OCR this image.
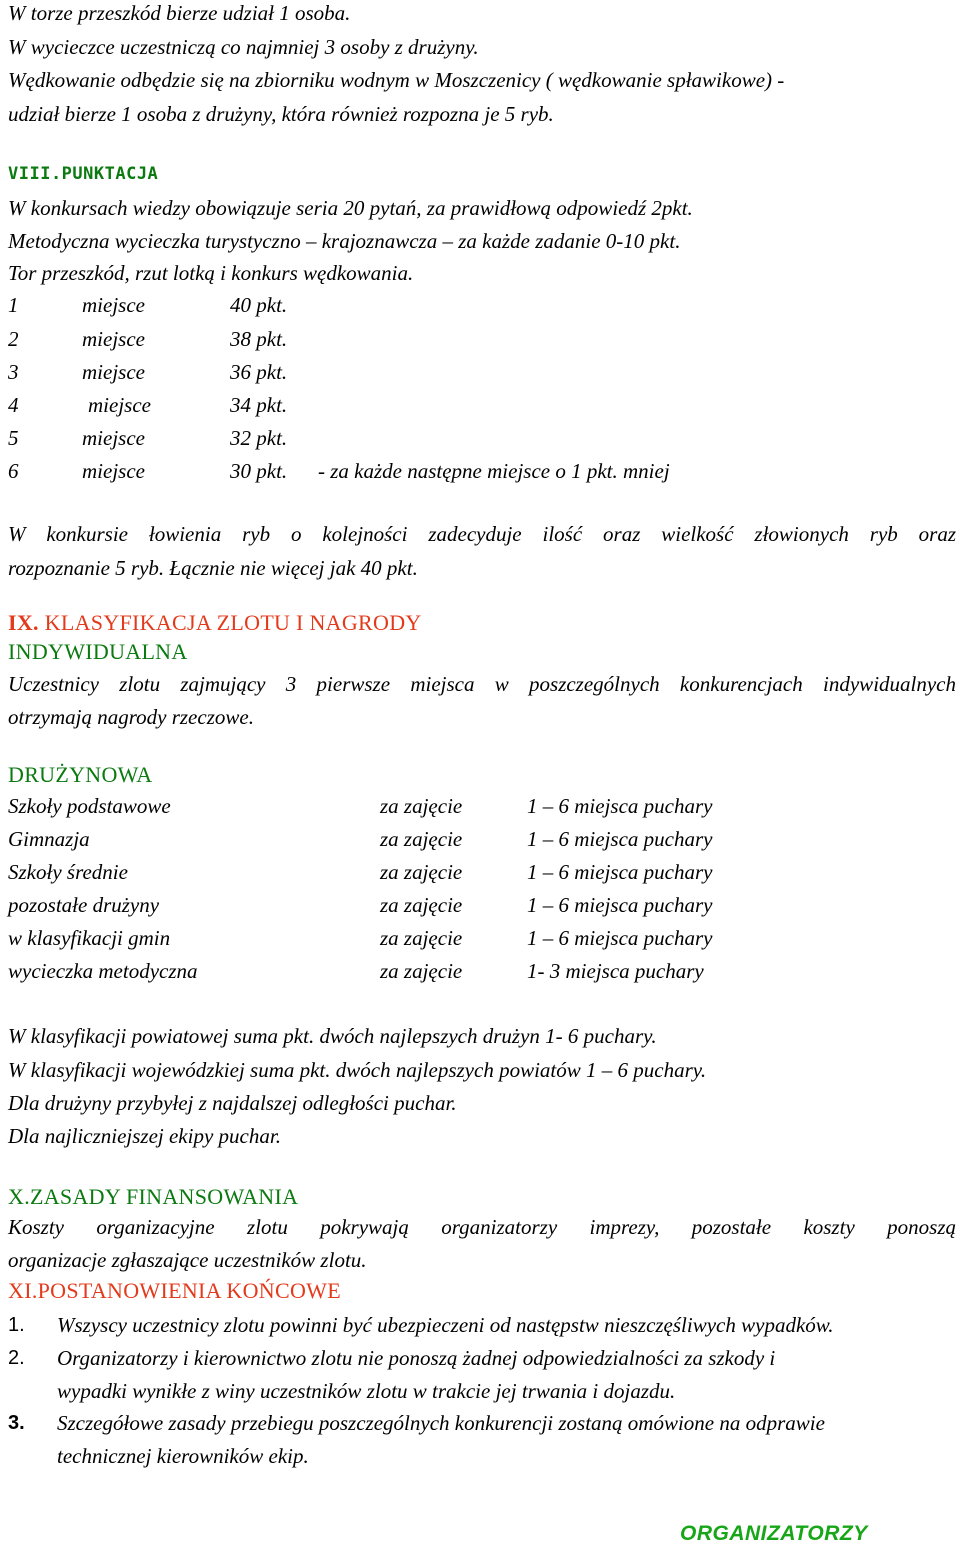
W torze przeszkód bierze udział 1 osoba.
W wycieczce uczestniczą co najmniej 3 osoby z drużyny.
Wędkowanie odbędzie się na zbiorniku wodnym w Moszczenicy ( wędkowanie spławikowe) -
udział bierze 1 osoba z drużyny, która również rozpozna je 5 ryb.
VIII.PUNKTACJA
W konkursach wiedzy obowiązuje seria 20 pytań, za prawidłową odpowiedź 2pkt.
Metodyczna wycieczka turystyczno – krajoznawcza – za każde zadanie 0-10 pkt.
Tor przeszkód, rzut lotką i konkurs wędkowania.
1	miejsce	40 pkt.
2	miejsce	38 pkt.
3	miejsce	36 pkt.
4	miejsce	34 pkt.
5	miejsce	32 pkt.
6	miejsce	30 pkt. - za każde następne miejsce o 1 pkt. mniej
W konkursie łowienia ryb o kolejności zadecyduje ilość oraz wielkość złowionych ryb oraz
rozpoznanie 5 ryb. Łącznie nie więcej jak 40 pkt.
IX. KLASYFIKACJA ZLOTU I NAGRODY
INDYWIDUALNA
Uczestnicy zlotu zajmujący 3 pierwsze miejsca w poszczególnych konkurencjach indywidualnych
otrzymają nagrody rzeczowe.
DRUŻYNOWA
Szkoły podstawowe	za zajęcie	1 – 6 miejsca puchary
Gimnazja	za zajęcie	1 – 6 miejsca puchary
Szkoły średnie	za zajęcie	1 – 6 miejsca puchary
pozostałe drużyny	za zajęcie	1 – 6 miejsca puchary
w klasyfikacji gmin	za zajęcie	1 – 6 miejsca puchary
wycieczka metodyczna	za zajęcie	1- 3 miejsca puchary
W klasyfikacji powiatowej suma pkt. dwóch najlepszych drużyn 1- 6 puchary.
W klasyfikacji wojewódzkiej suma pkt. dwóch najlepszych powiatów 1 – 6 puchary.
Dla drużyny przybyłej z najdalszej odległości puchar.
Dla najliczniejszej ekipy puchar.
X.ZASADY FINANSOWANIA
Koszty organizacyjne zlotu pokrywają organizatorzy imprezy, pozostałe koszty ponoszą
organizacje zgłaszające uczestników zlotu.
XI.POSTANOWIENIA KOŃCOWE
1. Wszyscy uczestnicy zlotu powinni być ubezpieczeni od następstw nieszczęśliwych wypadków.
2. Organizatorzy i kierownictwo zlotu nie ponoszą żadnej odpowiedzialności za szkody i
wypadki wynikłe z winy uczestników zlotu w trakcie jej trwania i dojazdu.
3. Szczegółowe zasady przebiegu poszczególnych konkurencji zostaną omówione na odprawie
technicznej kierowników ekip.
ORGANIZATORZY
